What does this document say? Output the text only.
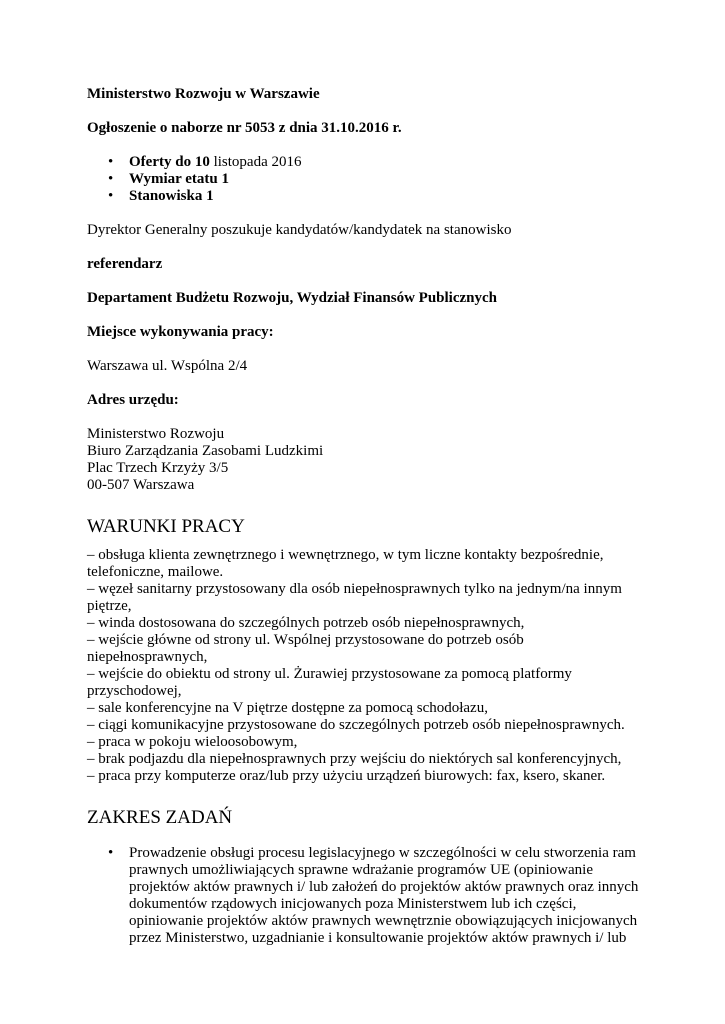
Ministerstwo Rozwoju w Warszawie

Ogłoszenie o naborze nr 5053 z dnia 31.10.2016 r.

• Oferty do 10 listopada 2016
• Wymiar etatu 1
• Stanowiska 1

Dyrektor Generalny poszukuje kandydatów/kandydatek na stanowisko

referendarz

Departament Budżetu Rozwoju, Wydział Finansów Publicznych

Miejsce wykonywania pracy:

Warszawa ul. Wspólna 2/4

Adres urzędu:

Ministerstwo Rozwoju

Biuro Zarządzania Zasobami Ludzkimi

Plac Trzech Krzyży 3/5

00-507 Warszawa

WARUNKI PRACY

– obsługa klienta zewnętrznego i wewnętrznego, w tym liczne kontakty bezpośrednie,

telefoniczne, mailowe.

– węzeł sanitarny przystosowany dla osób niepełnosprawnych tylko na jednym/na innym

piętrze,

– winda dostosowana do szczególnych potrzeb osób niepełnosprawnych,

– wejście główne od strony ul. Wspólnej przystosowane do potrzeb osób

niepełnosprawnych,

– wejście do obiektu od strony ul. Żurawiej przystosowane za pomocą platformy

przyschodowej,

– sale konferencyjne na V piętrze dostępne za pomocą schodołazu,

– ciągi komunikacyjne przystosowane do szczególnych potrzeb osób niepełnosprawnych.

– praca w pokoju wieloosobowym,

– brak podjazdu dla niepełnosprawnych przy wejściu do niektórych sal konferencyjnych,

– praca przy komputerze oraz/lub przy użyciu urządzeń biurowych: fax, ksero, skaner.

ZAKRES ZADAŃ
• Prowadzenie obsługi procesu legislacyjnego w szczególności w celu stworzenia ram

prawnych umożliwiających sprawne wdrażanie programów UE (opiniowanie

projektów aktów prawnych i/ lub założeń do projektów aktów prawnych oraz innych

dokumentów rządowych inicjowanych poza Ministerstwem lub ich części,

opiniowanie projektów aktów prawnych wewnętrznie obowiązujących inicjowanych

przez Ministerstwo, uzgadnianie i konsultowanie projektów aktów prawnych i/ lub
